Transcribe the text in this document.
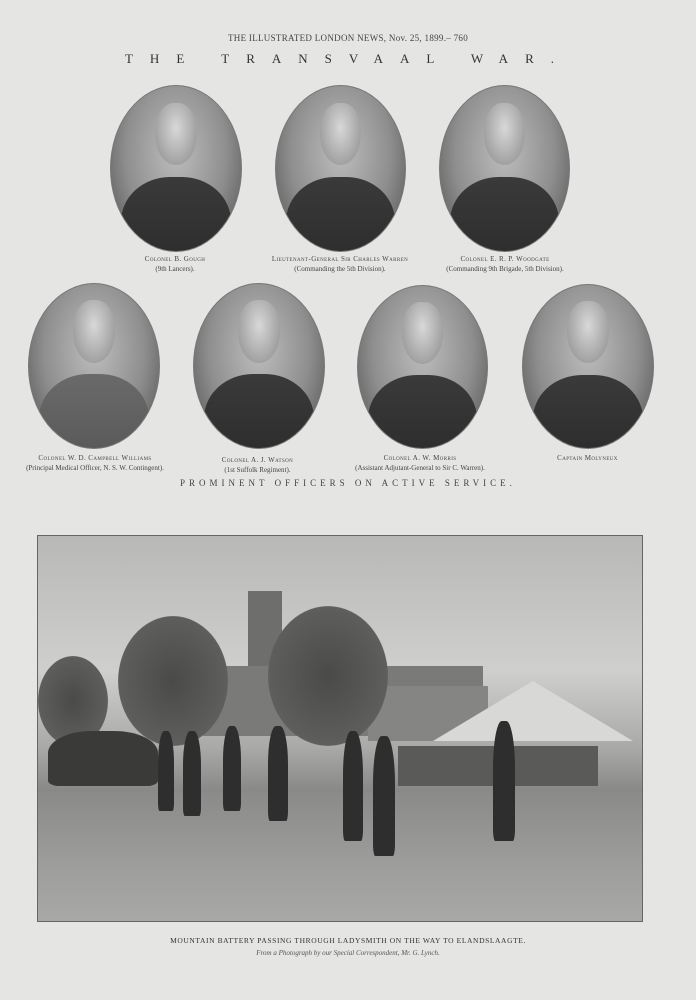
THE ILLUSTRATED LONDON NEWS, Nov. 25, 1899.– 760
THE TRANSVAAL WAR.
Colonel B. Gough
(9th Lancers).
Lieutenant-General Sir Charles Warren
(Commanding the 5th Division).
Colonel E. R. P. Woodgate
(Commanding 9th Brigade, 5th Division).
Colonel W. D. Campbell Williams
(Principal Medical Officer, N. S. W. Contingent).
Colonel A. J. Watson
(1st Suffolk Regiment).
Colonel A. W. Morris
(Assistant Adjutant-General to Sir C. Warren).
Captain Molyneux
PROMINENT OFFICERS ON ACTIVE SERVICE.
MOUNTAIN BATTERY PASSING THROUGH LADYSMITH ON THE WAY TO ELANDSLAAGTE.
From a Photograph by our Special Correspondent, Mr. G. Lynch.
